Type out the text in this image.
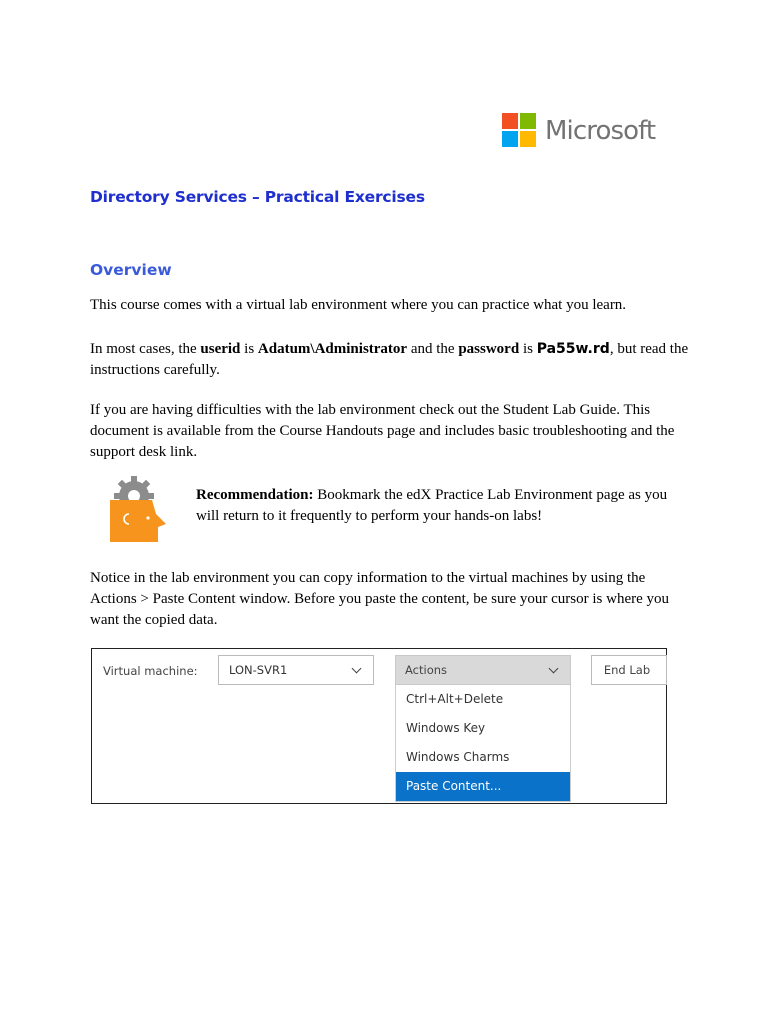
Microsoft
Directory Services – Practical Exercises
Overview

This course comes with a virtual lab environment where you can practice what you learn.

In most cases, the userid is Adatum\Administrator and the password is Pa55w.rd, but read the instructions carefully.

If you are having difficulties with the lab environment check out the Student Lab Guide. This document is available from the Course Handouts page and includes basic troubleshooting and the support desk link.

Recommendation: Bookmark the edX Practice Lab Environment page as you will return to it frequently to perform your hands-on labs!

Notice in the lab environment you can copy information to the virtual machines by using the Actions > Paste Content window. Before you paste the content, be sure your cursor is where you want the copied data.

Virtual machine:	LON-SVR1	Actions	End Lab
Ctrl+Alt+Delete
Windows Key
Windows Charms
Paste Content...
